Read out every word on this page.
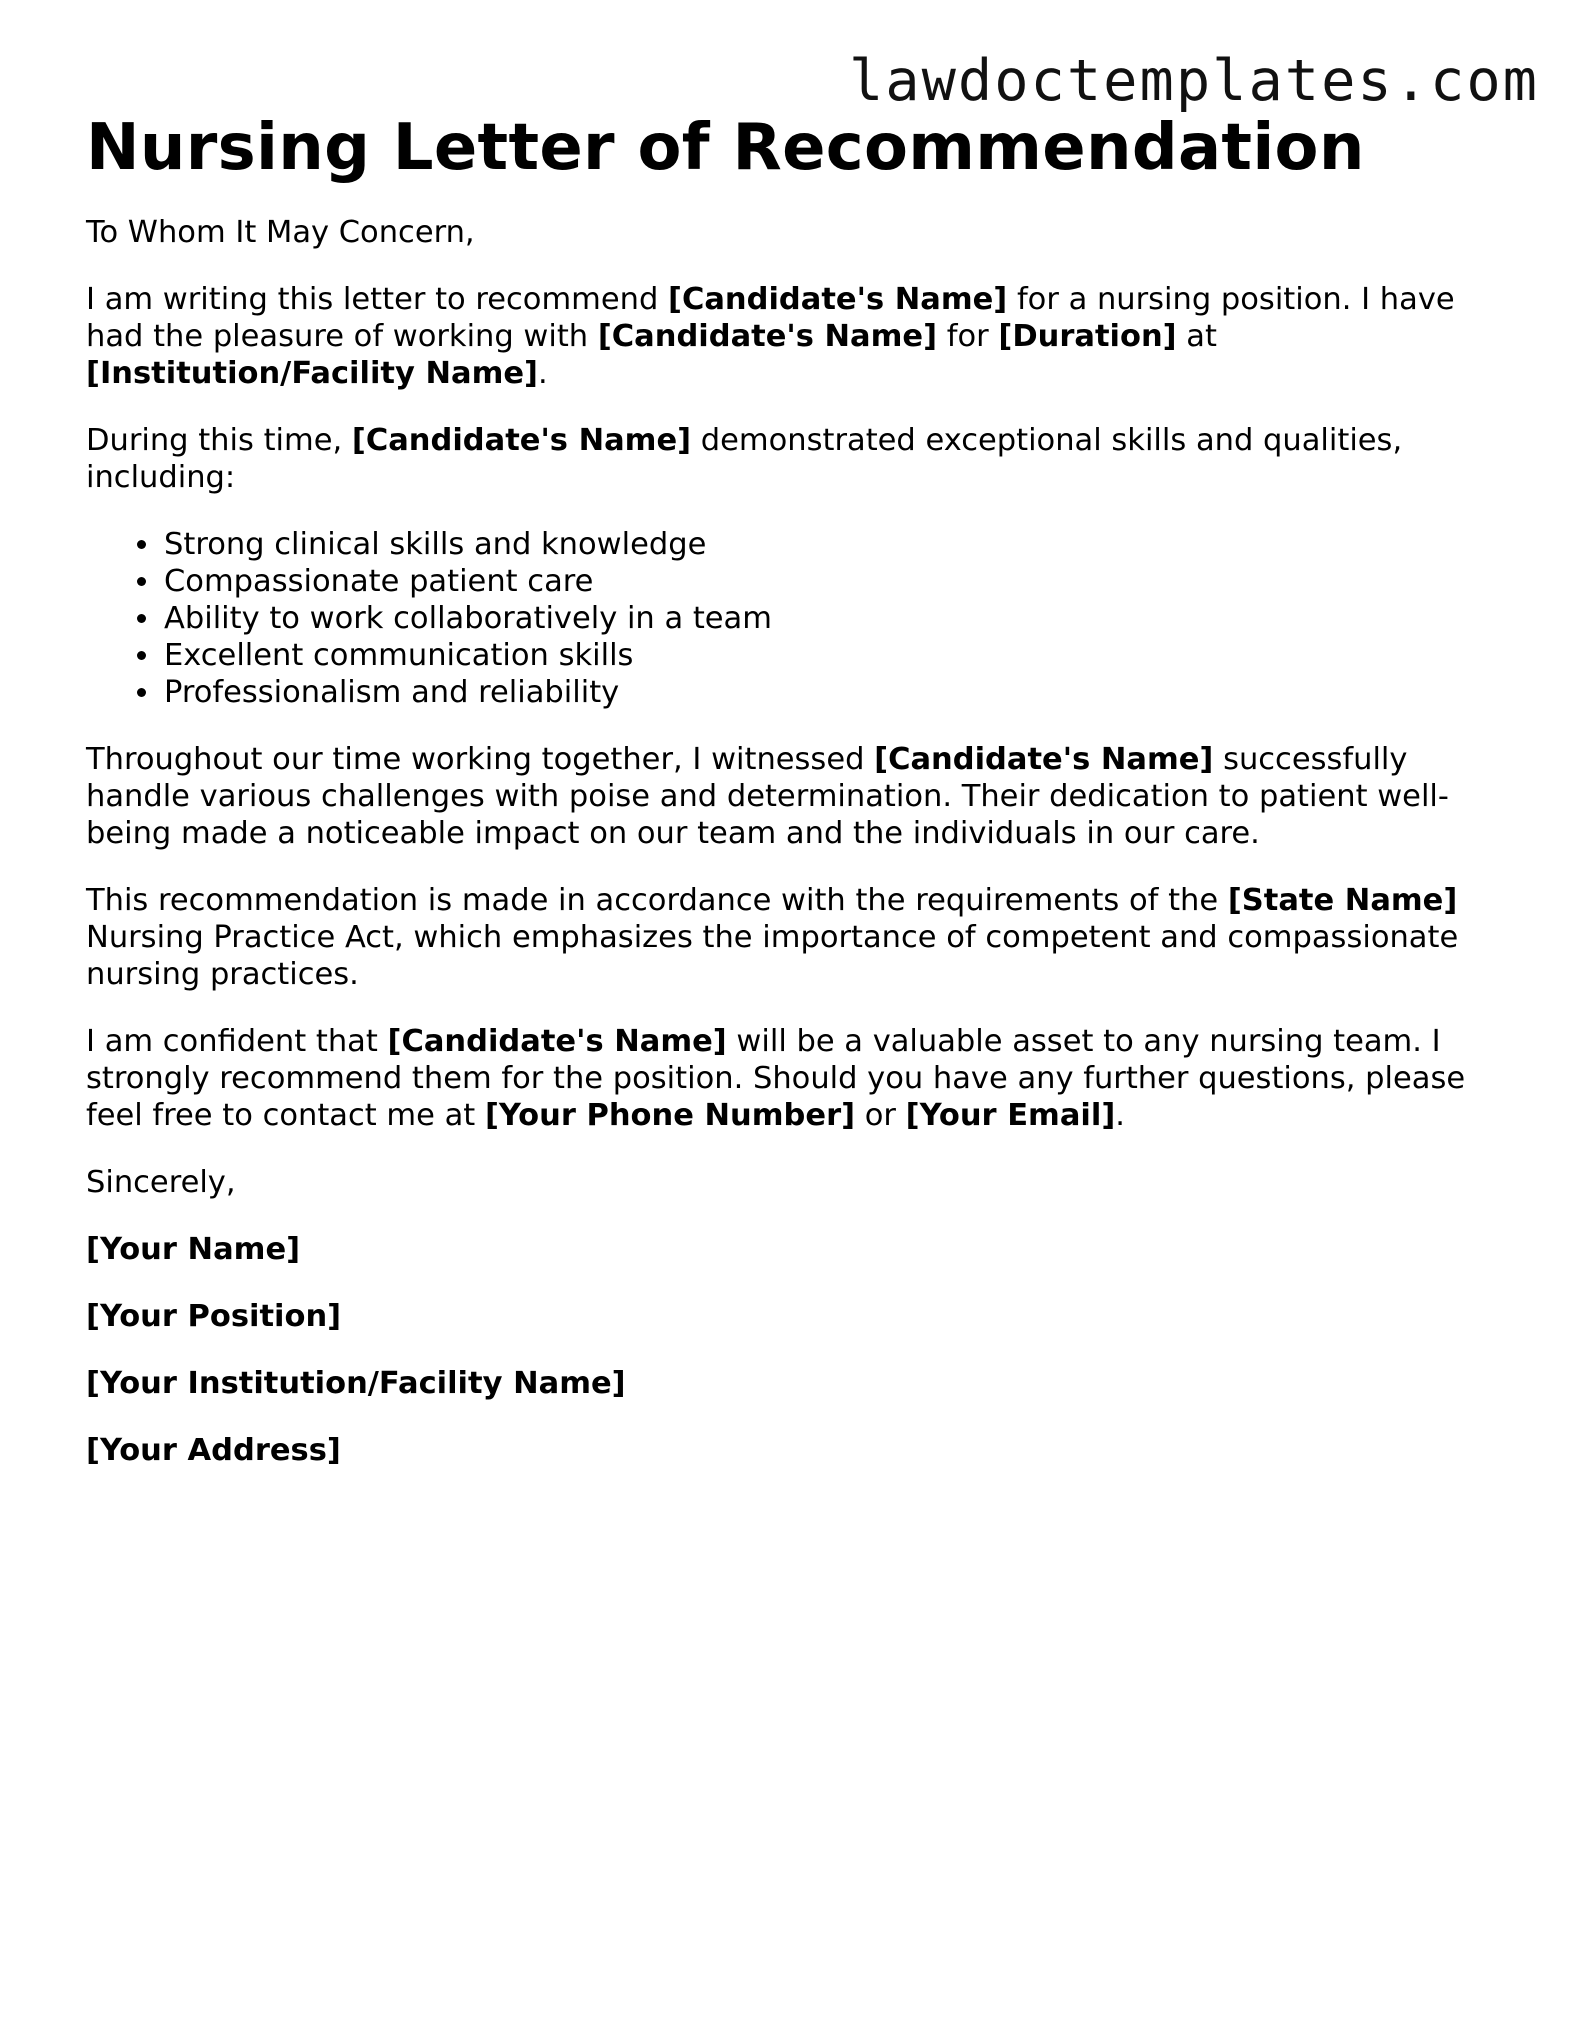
lawdoctemplates.com
Nursing Letter of Recommendation

To Whom It May Concern,

I am writing this letter to recommend [Candidate's Name] for a nursing position. I have had the pleasure of working with [Candidate's Name] for [Duration] at [Institution/Facility Name].

During this time, [Candidate's Name] demonstrated exceptional skills and qualities, including:

• Strong clinical skills and knowledge
• Compassionate patient care
• Ability to work collaboratively in a team
• Excellent communication skills
• Professionalism and reliability

Throughout our time working together, I witnessed [Candidate's Name] successfully handle various challenges with poise and determination. Their dedication to patient well-being made a noticeable impact on our team and the individuals in our care.

This recommendation is made in accordance with the requirements of the [State Name] Nursing Practice Act, which emphasizes the importance of competent and compassionate nursing practices.

I am confident that [Candidate's Name] will be a valuable asset to any nursing team. I strongly recommend them for the position. Should you have any further questions, please feel free to contact me at [Your Phone Number] or [Your Email].

Sincerely,

[Your Name]

[Your Position]

[Your Institution/Facility Name]

[Your Address]
